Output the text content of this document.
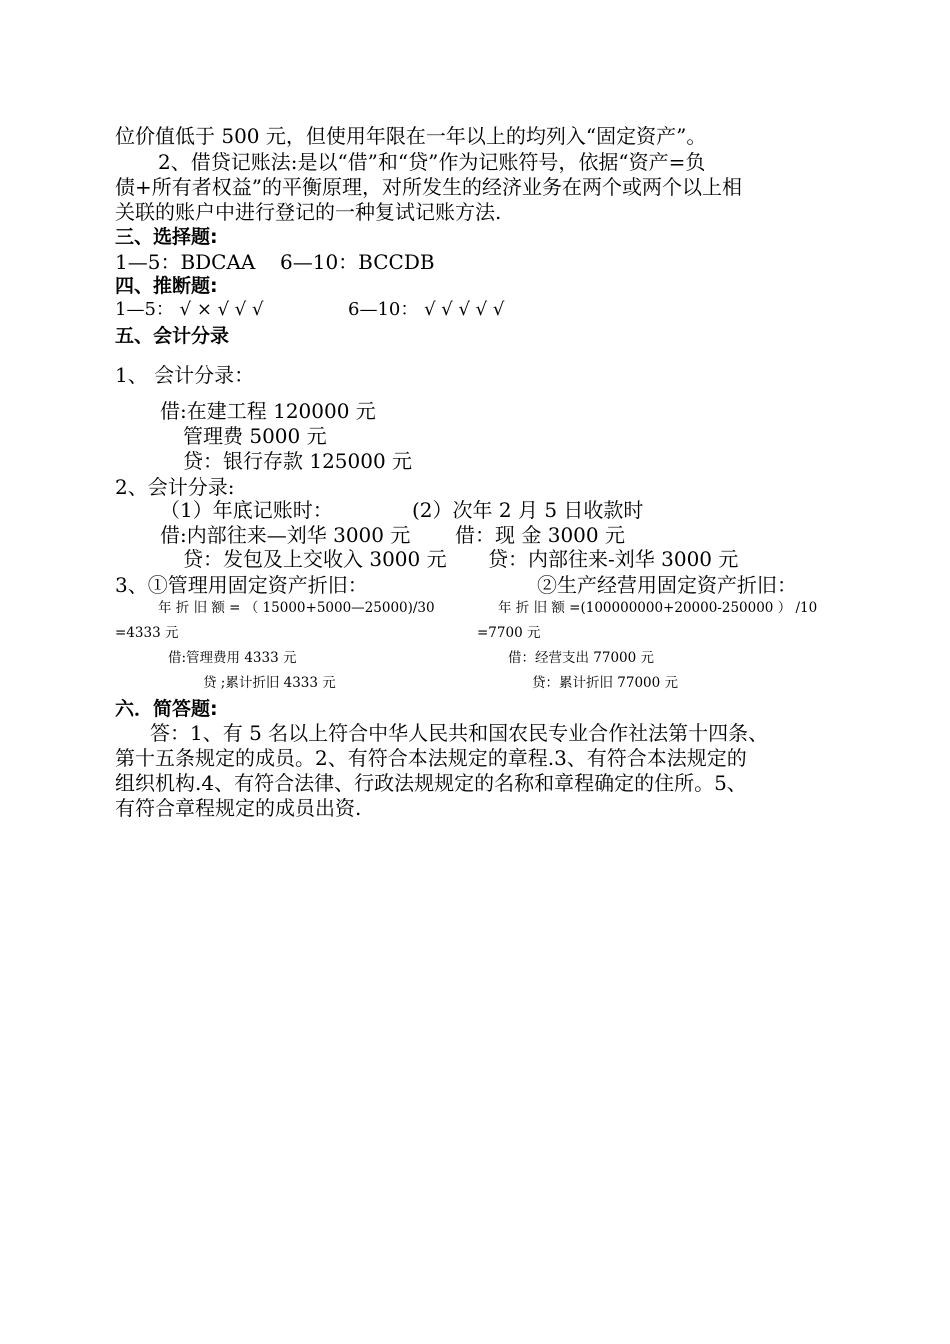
位价值低于 500 元，但使用年限在一年以上的均列入“固定资产”。
2、借贷记账法:是以“借”和“贷”作为记账符号，依据“资产=负
债+所有者权益”的平衡原理，对所发生的经济业务在两个或两个以上相
关联的账户中进行登记的一种复试记账方法.
三、选择题:
1—5：BDCAA 6—10：BCCDB
四、推断题:
1—5： √ × √ √ √	6—10： √ √ √ √ √
五、会计分录
1、 会计分录：
借:在建工程 120000 元
管理费 5000 元
贷：银行存款 125000 元
2、会计分录:
（1）年底记账时：	(2）次年 2 月 5 日收款时
借:内部往来—刘华 3000 元 借：现 金 3000 元
贷：发包及上交收入 3000 元 贷：内部往来-刘华 3000 元
3、①管理用固定资产折旧：	②生产经营用固定资产折旧：
年 折 旧 额 = （ 15000+5000—25000)/30	年 折 旧 额 =(100000000+20000-250000 ） /10
=4333 元	=7700 元
借:管理费用 4333 元	借：经营支出 77000 元
贷 ;累计折旧 4333 元	贷：累计折旧 77000 元
六．简答题:
答：1、有 5 名以上符合中华人民共和国农民专业合作社法第十四条、
第十五条规定的成员。2、有符合本法规定的章程.3、有符合本法规定的
组织机构.4、有符合法律、行政法规规定的名称和章程确定的住所。5、
有符合章程规定的成员出资.
